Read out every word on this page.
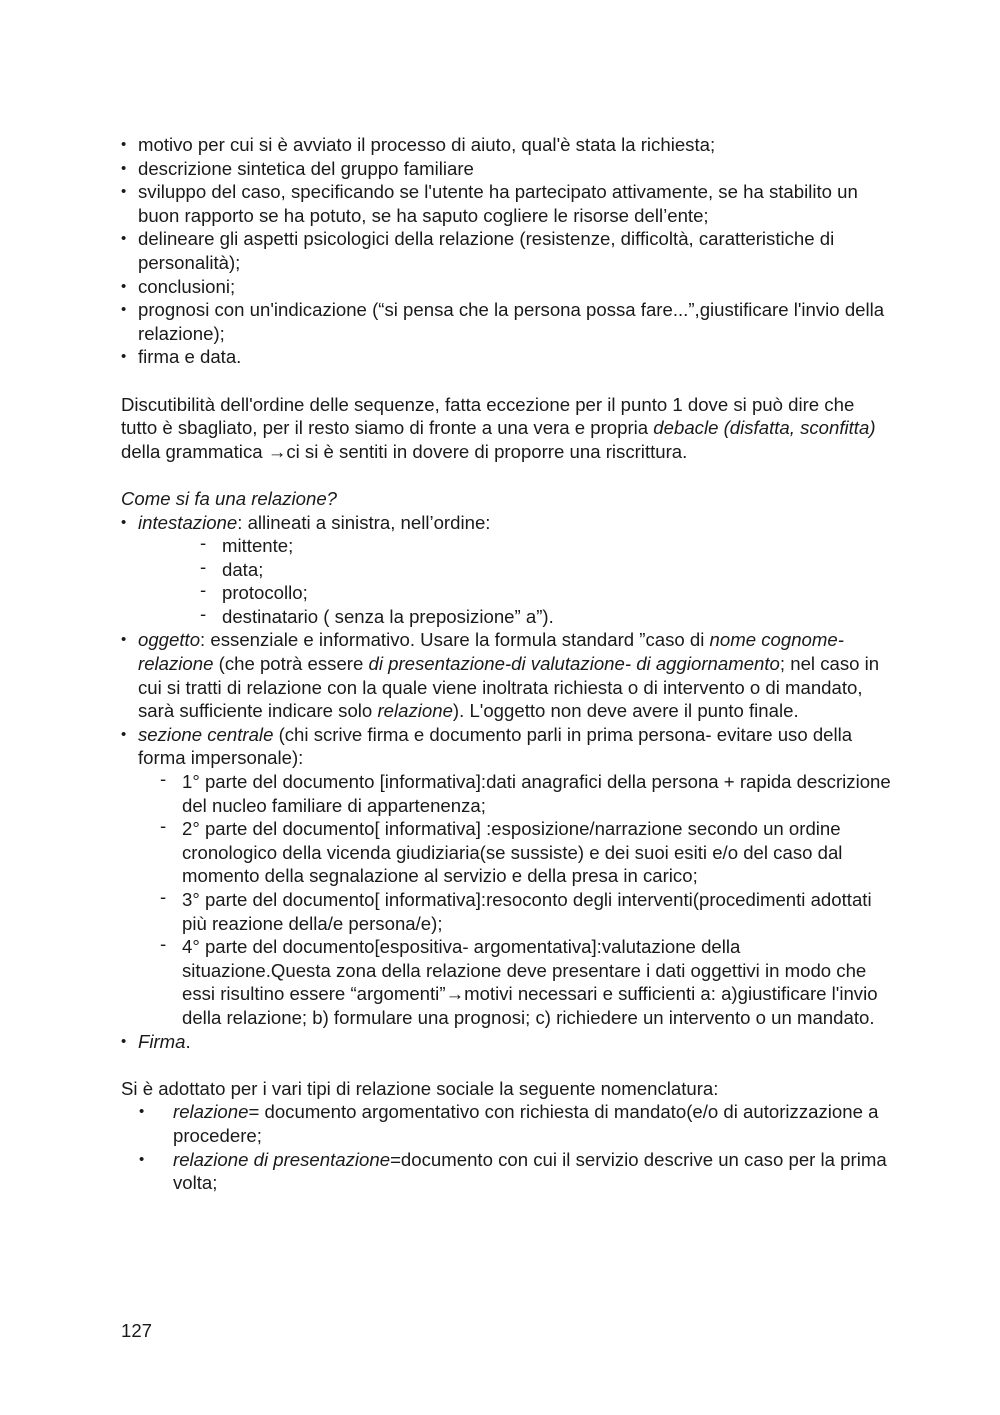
• motivo per cui si è avviato il processo di aiuto, qual'è stata la richiesta;
• descrizione sintetica del gruppo familiare
• sviluppo del caso, specificando se l'utente ha partecipato attivamente, se ha stabilito un buon rapporto se ha potuto, se ha saputo cogliere le risorse dell’ente;
• delineare gli aspetti psicologici della relazione (resistenze, difficoltà, caratteristiche di personalità);
• conclusioni;
• prognosi con un'indicazione (“si pensa che la persona possa fare...”,giustificare l'invio della relazione);
• firma e data.

Discutibilità dell'ordine delle sequenze, fatta eccezione per il punto 1 dove si può dire che tutto è sbagliato, per il resto siamo di fronte a una vera e propria debacle (disfatta, sconfitta) della grammatica →ci si è sentiti in dovere di proporre una riscrittura.

Come si fa una relazione?

• intestazione: allineati a sinistra, nell’ordine:
- mittente;
- data;
- protocollo;
- destinatario ( senza la preposizione” a”).
• oggetto: essenziale e informativo. Usare la formula standard ”caso di nome cognome- relazione (che potrà essere di presentazione-di valutazione- di aggiornamento; nel caso in cui si tratti di relazione con la quale viene inoltrata richiesta o di intervento o di mandato, sarà sufficiente indicare solo relazione). L'oggetto non deve avere il punto finale.
• sezione centrale (chi scrive firma e documento parli in prima persona- evitare uso della forma impersonale):
- 1° parte del documento [informativa]:dati anagrafici della persona + rapida descrizione del nucleo familiare di appartenenza;
- 2° parte del documento[ informativa] :esposizione/narrazione secondo un ordine cronologico della vicenda giudiziaria(se sussiste) e dei suoi esiti e/o del caso dal momento della segnalazione al servizio e della presa in carico;
- 3° parte del documento[ informativa]:resoconto degli interventi(procedimenti adottati più reazione della/e persona/e);
- 4° parte del documento[espositiva- argomentativa]:valutazione della situazione.Questa zona della relazione deve presentare i dati oggettivi in modo che essi risultino essere “argomenti”→motivi necessari e sufficienti a: a)giustificare l'invio della relazione; b) formulare una prognosi; c) richiedere un intervento o un mandato.
• Firma.

Si è adottato per i vari tipi di relazione sociale la seguente nomenclatura:

• relazione= documento argomentativo con richiesta di mandato(e/o di autorizzazione a procedere;
• relazione di presentazione=documento con cui il servizio descrive un caso per la prima volta;
127
